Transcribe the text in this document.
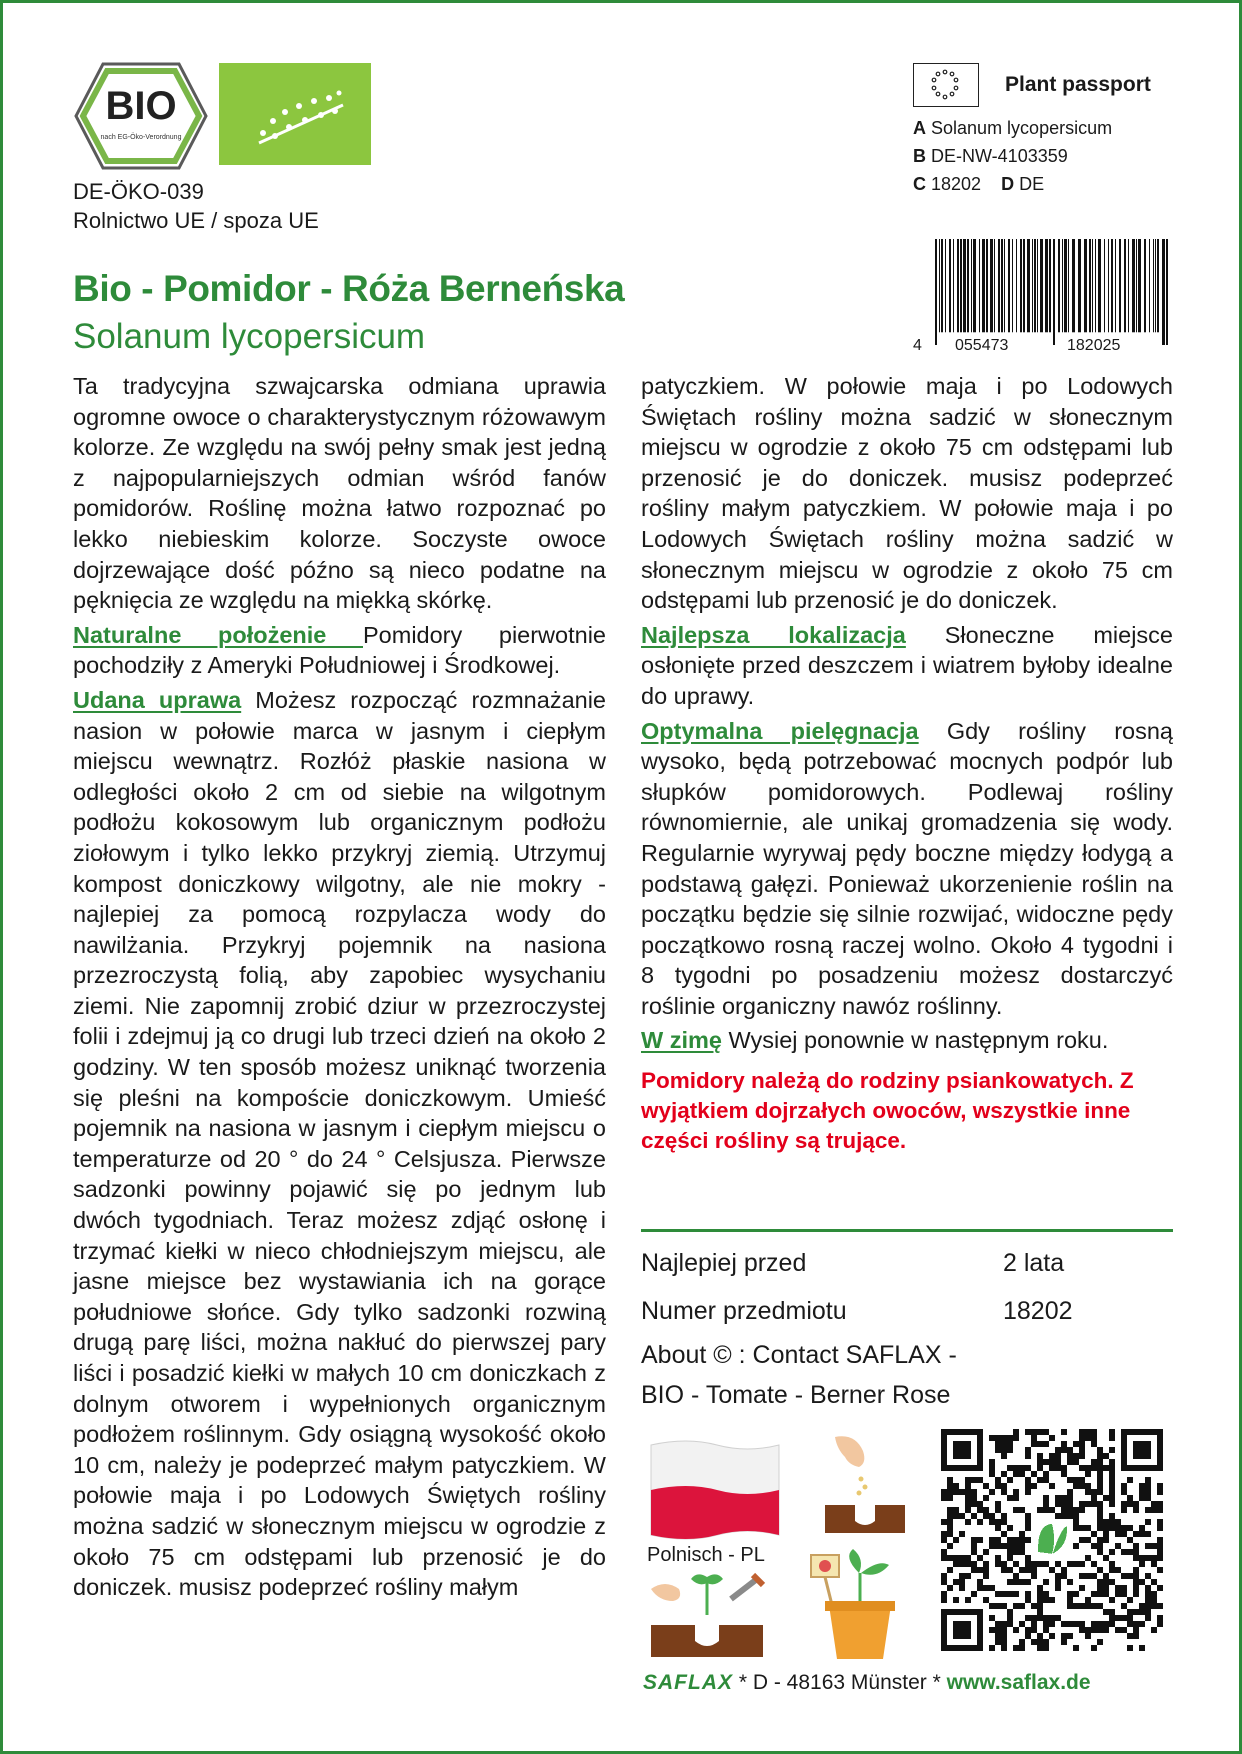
BIO
nach EG-Öko-Verordnung
DE-ÖKO-039
Rolnictwo UE / spoza UE
Plant passport
A Solanum lycopersicum
B DE-NW-4103359
C 18202 D DE
4 055473	182025
Bio - Pomidor - Róża Berneńska
Solanum lycopersicum

Ta tradycyjna szwajcarska odmiana uprawia ogromne owoce o charakterystycznym różowawym kolorze. Ze względu na swój pełny smak jest jedną z najpopularniejszych odmian wśród fanów pomidorów. Roślinę można łatwo rozpoznać po lekko niebieskim kolorze. Soczyste owoce dojrzewające dość późno są nieco podatne na pęknięcia ze względu na miękką skórkę.

Naturalne położenie Pomidory pierwotnie pochodziły z Ameryki Południowej i Środkowej.

Udana uprawa Możesz rozpocząć rozmnażanie nasion w połowie marca w jasnym i ciepłym miejscu wewnątrz. Rozłóż płaskie nasiona w odległości około 2 cm od siebie na wilgotnym podłożu kokosowym lub organicznym podłożu ziołowym i tylko lekko przykryj ziemią. Utrzymuj kompost doniczkowy wilgotny, ale nie mokry - najlepiej za pomocą rozpylacza wody do nawilżania. Przykryj pojemnik na nasiona przezroczystą folią, aby zapobiec wysychaniu ziemi. Nie zapomnij zrobić dziur w przezroczystej folii i zdejmuj ją co drugi lub trzeci dzień na około 2 godziny. W ten sposób możesz uniknąć tworzenia się pleśni na kompoście doniczkowym. Umieść pojemnik na nasiona w jasnym i ciepłym miejscu o temperaturze od 20 ° do 24 ° Celsjusza. Pierwsze sadzonki powinny pojawić się po jednym lub dwóch tygodniach. Teraz możesz zdjąć osłonę i trzymać kiełki w nieco chłodniejszym miejscu, ale jasne miejsce bez wystawiania ich na gorące południowe słońce. Gdy tylko sadzonki rozwiną drugą parę liści, można nakłuć do pierwszej pary liści i posadzić kiełki w małych 10 cm doniczkach z dolnym otworem i wypełnionych organicznym podłożem roślinnym. Gdy osiągną wysokość około 10 cm, należy je podeprzeć małym patyczkiem. W połowie maja i po Lodowych Świętych rośliny można sadzić w słonecznym miejscu w ogrodzie z około 75 cm odstępami lub przenosić je do doniczek. musisz podeprzeć rośliny małym

patyczkiem. W połowie maja i po Lodowych Świętach rośliny można sadzić w słonecznym miejscu w ogrodzie z około 75 cm odstępami lub przenosić je do doniczek. musisz podeprzeć rośliny małym patyczkiem. W połowie maja i po Lodowych Świętach rośliny można sadzić w słonecznym miejscu w ogrodzie z około 75 cm odstępami lub przenosić je do doniczek.

Najlepsza lokalizacja Słoneczne miejsce osłonięte przed deszczem i wiatrem byłoby idealne do uprawy.

Optymalna pielęgnacja Gdy rośliny rosną wysoko, będą potrzebować mocnych podpór lub słupków pomidorowych. Podlewaj rośliny równomiernie, ale unikaj gromadzenia się wody. Regularnie wyrywaj pędy boczne między łodygą a podstawą gałęzi. Ponieważ ukorzenienie roślin na początku będzie się silnie rozwijać, widoczne pędy początkowo rosną raczej wolno. Około 4 tygodni i 8 tygodni po posadzeniu możesz dostarczyć roślinie organiczny nawóz roślinny.

W zimę Wysiej ponownie w następnym roku.

Pomidory należą do rodziny psiankowatych. Z wyjątkiem dojrzałych owoców, wszystkie inne części rośliny są trujące.

Najlepiej przed	2 lata
Numer przedmiotu	18202
About © : Contact SAFLAX -
BIO - Tomate - Berner Rose
Polnisch - PL
SAFLAX * D - 48163 Münster * www.saflax.de
